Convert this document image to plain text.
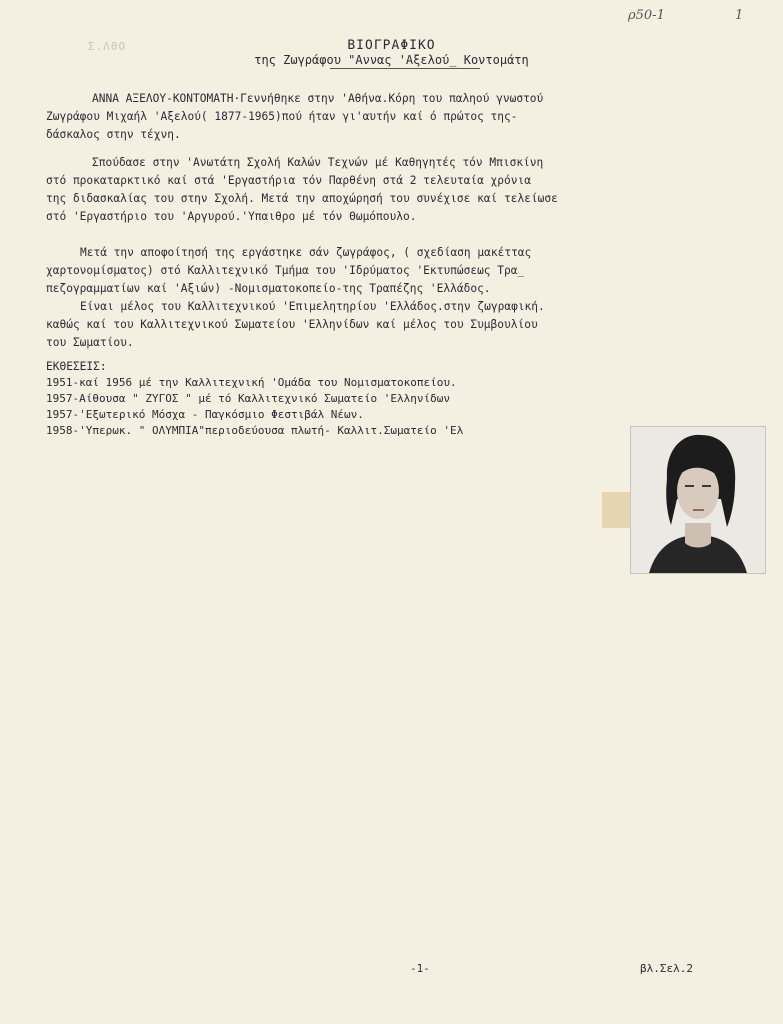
ρ50-1	1
Σ.ΛΘΟ	ΒΙΟΓΡΑΦΙΚΟ
της Ζωγράφου "Αννας 'Αξελού_ Κοντομάτη
ΑΝΝΑ ΑΞΕΛΟΥ-ΚΟΝΤΟΜΑΤΗ·Γεννήθηκε στην 'Αθήνα.Κόρη του παληού γνωστού
Ζωγράφου Μιχαήλ 'Αξελού( 1877-1965)πού ήταν γι'αυτήν καί ό πρώτος της-
δάσκαλος στην τέχνη.
Σπούδασε στην 'Ανωτάτη Σχολή Καλών Τεχνών μέ Καθηγητές τόν Μπισκίνη
στό προκαταρκτικό καί στά 'Εργαστήρια τόν Παρθένη στά 2 τελευταία χρόνια
της διδασκαλίας του στην Σχολή. Μετά την αποχώρησή του συνέχισε καί τελείωσε
στό 'Εργαστήριο του 'Αργυρού.'Υπαιθρο μέ τόν Θωμόπουλο.
Μετά την αποφοίτησή της εργάστηκε σάν ζωγράφος, ( σχεδίαση μακέττας
χαρτονομίσματος) στό Καλλιτεχνικό Τμήμα του 'Ιδρύματος 'Εκτυπώσεως Τρα_
πεζογραμματίων καί 'Αξιών) -Νομισματοκοπείο-της Τραπέζης 'Ελλάδος.
Είναι μέλος του Καλλιτεχνικού 'Επιμελητηρίου 'Ελλάδος.στην ζωγραφική.
καθώς καί του Καλλιτεχνικού Σωματείου 'Ελληνίδων καί μέλος του Συμβουλίου
του Σωματίου.
ΕΚΘΕΣΕΙΣ:
1951-καί 1956 μέ την Καλλιτεχνική 'Ομάδα του Νομισματοκοπείου.
1957-Αίθουσα " ΖΥΓΟΣ " μέ τό Καλλιτεχνικό Σωματείο 'Ελληνίδων
1957-'Εξωτερικό Μόσχα - Παγκόσμιο Φεστιβάλ Νέων.
1958-'Υπερωκ. " ΟΛΥΜΠΙΑ"περιοδεύουσα πλωτή- Καλλιτ.Σωματείο 'Ελ
-1-	βλ.Σελ.2
